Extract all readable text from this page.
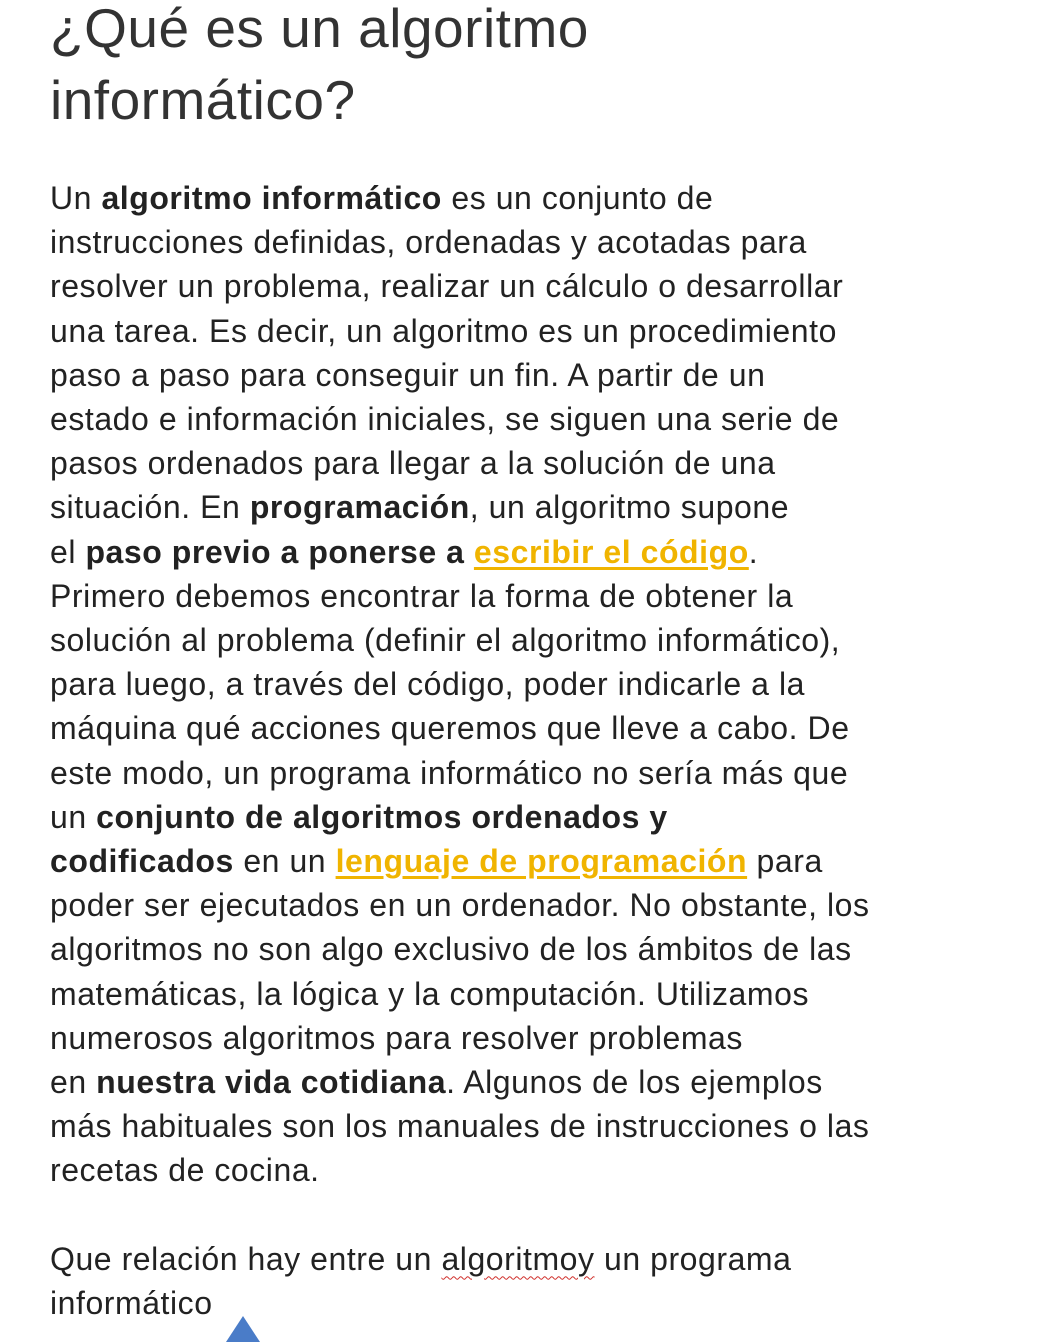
¿Qué es un algoritmo informático?
Un algoritmo informático es un conjunto de
instrucciones definidas, ordenadas y acotadas para
resolver un problema, realizar un cálculo o desarrollar
una tarea. Es decir, un algoritmo es un procedimiento
paso a paso para conseguir un fin. A partir de un
estado e información iniciales, se siguen una serie de
pasos ordenados para llegar a la solución de una
situación. En programación, un algoritmo supone
el paso previo a ponerse a escribir el código.
Primero debemos encontrar la forma de obtener la
solución al problema (definir el algoritmo informático),
para luego, a través del código, poder indicarle a la
máquina qué acciones queremos que lleve a cabo. De
este modo, un programa informático no sería más que
un conjunto de algoritmos ordenados y
codificados en un lenguaje de programación para
poder ser ejecutados en un ordenador. No obstante, los
algoritmos no son algo exclusivo de los ámbitos de las
matemáticas, la lógica y la computación. Utilizamos
numerosos algoritmos para resolver problemas
en nuestra vida cotidiana. Algunos de los ejemplos
más habituales son los manuales de instrucciones o las
recetas de cocina.
Que relación hay entre un algoritmoy un programa
informático
